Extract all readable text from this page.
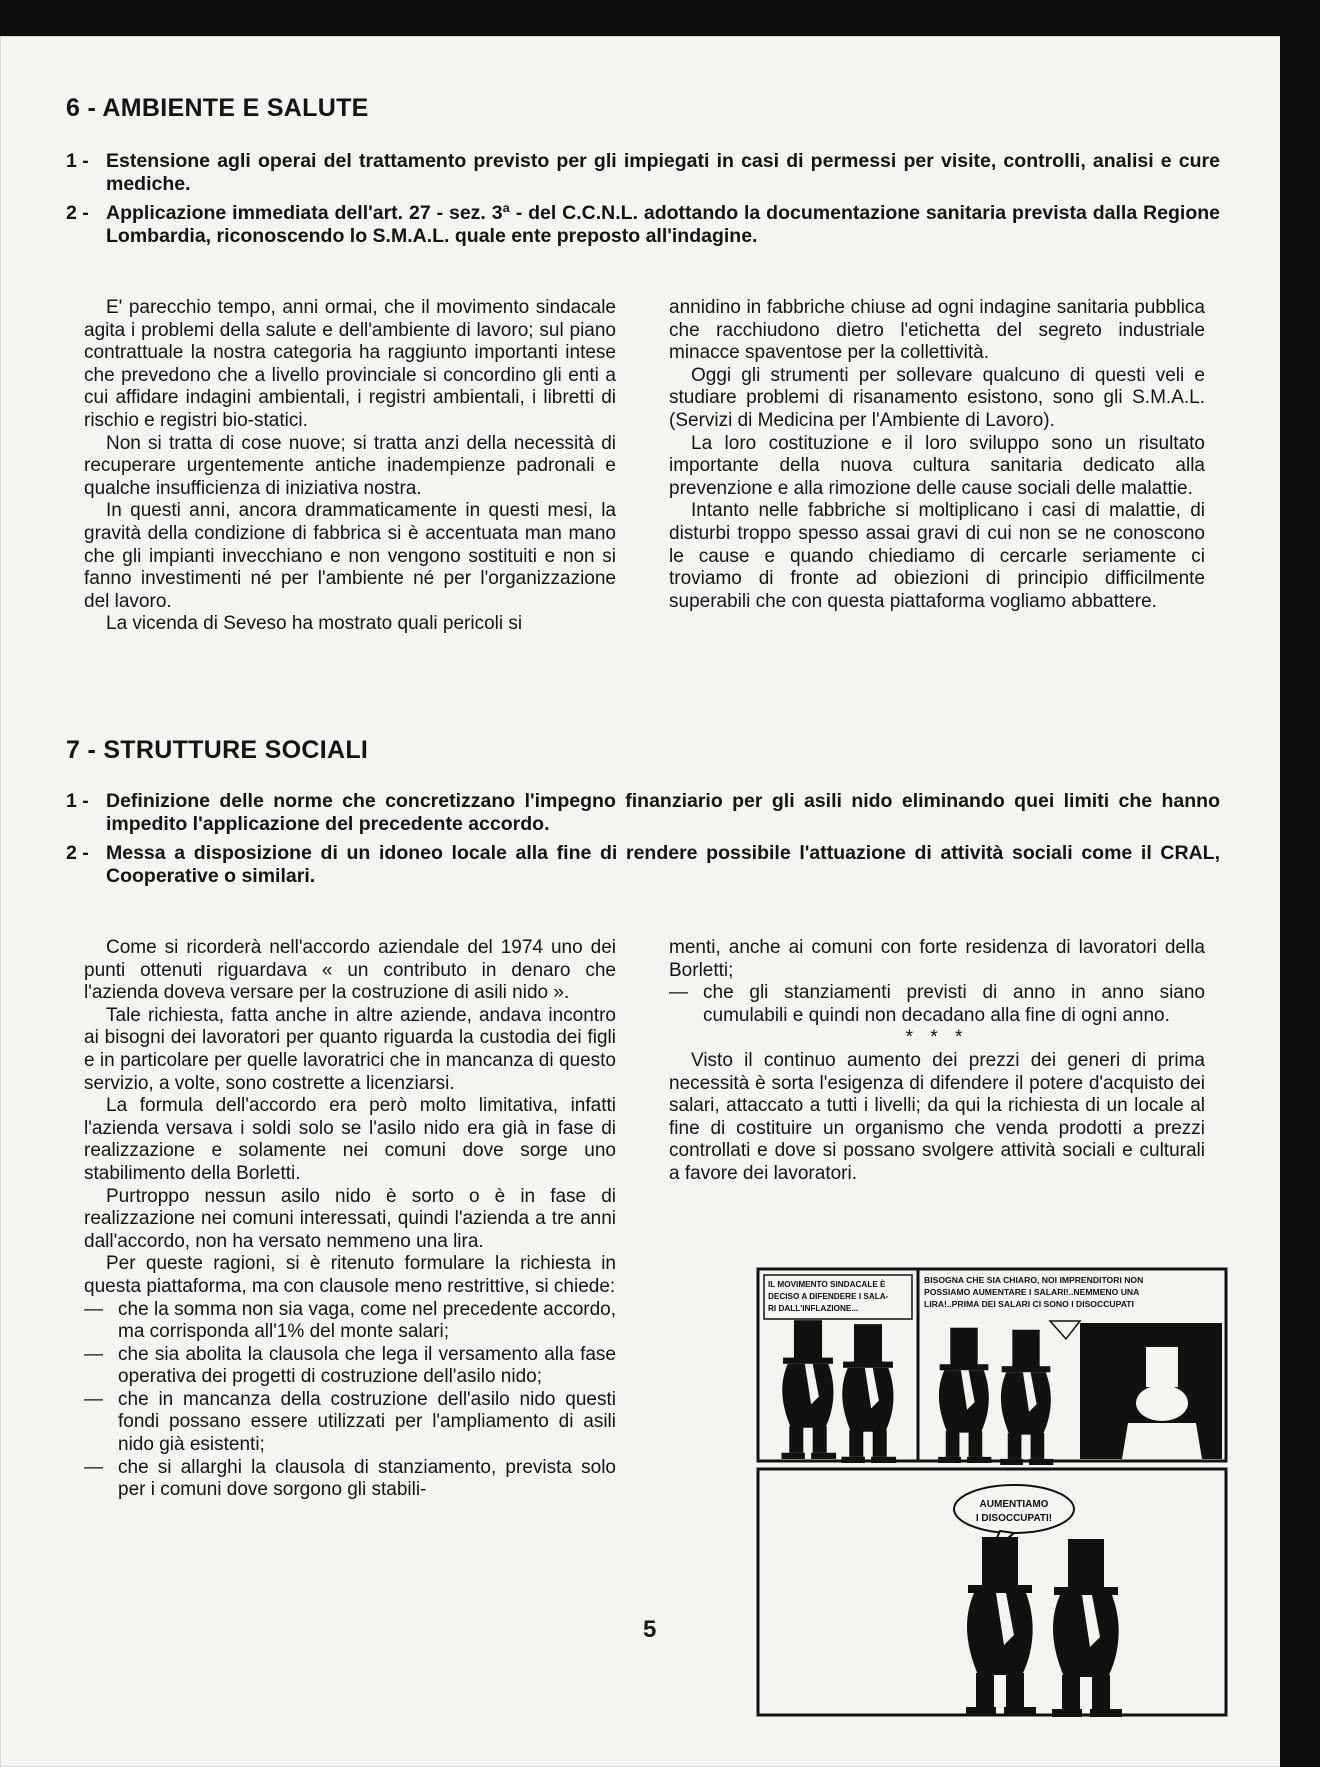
6 - AMBIENTE E SALUTE
1 - Estensione agli operai del trattamento previsto per gli impiegati in casi di permessi per visite, controlli, analisi e cure mediche.
2 - Applicazione immediata dell'art. 27 - sez. 3ª - del C.C.N.L. adottando la documentazione sanitaria prevista dalla Regione Lombardia, riconoscendo lo S.M.A.L. quale ente preposto all'indagine.

E' parecchio tempo, anni ormai, che il movimento sindacale agita i problemi della salute e dell'ambiente di lavoro; sul piano contrattuale la nostra categoria ha raggiunto importanti intese che prevedono che a livello provinciale si concordino gli enti a cui affidare indagini ambientali, i registri ambientali, i libretti di rischio e registri bio-statici.

Non si tratta di cose nuove; si tratta anzi della necessità di recuperare urgentemente antiche inadempienze padronali e qualche insufficienza di iniziativa nostra.

In questi anni, ancora drammaticamente in questi mesi, la gravità della condizione di fabbrica si è accentuata man mano che gli impianti invecchiano e non vengono sostituiti e non si fanno investimenti né per l'ambiente né per l'organizzazione del lavoro.

La vicenda di Seveso ha mostrato quali pericoli si

annidino in fabbriche chiuse ad ogni indagine sanitaria pubblica che racchiudono dietro l'etichetta del segreto industriale minacce spaventose per la collettività.

Oggi gli strumenti per sollevare qualcuno di questi veli e studiare problemi di risanamento esistono, sono gli S.M.A.L. (Servizi di Medicina per l'Ambiente di Lavoro).

La loro costituzione e il loro sviluppo sono un risultato importante della nuova cultura sanitaria dedicato alla prevenzione e alla rimozione delle cause sociali delle malattie.

Intanto nelle fabbriche si moltiplicano i casi di malattie, di disturbi troppo spesso assai gravi di cui non se ne conoscono le cause e quando chiediamo di cercarle seriamente ci troviamo di fronte ad obiezioni di principio difficilmente superabili che con questa piattaforma vogliamo abbattere.

7 - STRUTTURE SOCIALI
1 - Definizione delle norme che concretizzano l'impegno finanziario per gli asili nido eliminando quei limiti che hanno impedito l'applicazione del precedente accordo.
2 - Messa a disposizione di un idoneo locale alla fine di rendere possibile l'attuazione di attività sociali come il CRAL, Cooperative o similari.

Come si ricorderà nell'accordo aziendale del 1974 uno dei punti ottenuti riguardava « un contributo in denaro che l'azienda doveva versare per la costruzione di asili nido ».

Tale richiesta, fatta anche in altre aziende, andava incontro ai bisogni dei lavoratori per quanto riguarda la custodia dei figli e in particolare per quelle lavoratrici che in mancanza di questo servizio, a volte, sono costrette a licenziarsi.

La formula dell'accordo era però molto limitativa, infatti l'azienda versava i soldi solo se l'asilo nido era già in fase di realizzazione e solamente nei comuni dove sorge uno stabilimento della Borletti.

Purtroppo nessun asilo nido è sorto o è in fase di realizzazione nei comuni interessati, quindi l'azienda a tre anni dall'accordo, non ha versato nemmeno una lira.

Per queste ragioni, si è ritenuto formulare la richiesta in questa piattaforma, ma con clausole meno restrittive, si chiede:

— che la somma non sia vaga, come nel precedente accordo, ma corrisponda all'1% del monte salari;

— che sia abolita la clausola che lega il versamento alla fase operativa dei progetti di costruzione dell'asilo nido;

— che in mancanza della costruzione dell'asilo nido questi fondi possano essere utilizzati per l'ampliamento di asili nido già esistenti;

— che si allarghi la clausola di stanziamento, prevista solo per i comuni dove sorgono gli stabili-

menti, anche ai comuni con forte residenza di lavoratori della Borletti;

— che gli stanziamenti previsti di anno in anno siano cumulabili e quindi non decadano alla fine di ogni anno.

* * *

Visto il continuo aumento dei prezzi dei generi di prima necessità è sorta l'esigenza di difendere il potere d'acquisto dei salari, attaccato a tutti i livelli; da qui la richiesta di un locale al fine di costituire un organismo che venda prodotti a prezzi controllati e dove si possano svolgere attività sociali e culturali a favore dei lavoratori.

5

IL MOVIMENTO SINDACALE È
DECISO A DIFENDERE I SALA-
RI DALL'INFLAZIONE...
BISOGNA CHE SIA CHIARO, NOI IMPRENDITORI NON
POSSIAMO AUMENTARE I SALARI!..NEMMENO UNA
LIRA!..PRIMA DEI SALARI CI SONO I DISOCCUPATI
AUMENTIAMO
I DISOCCUPATI!
